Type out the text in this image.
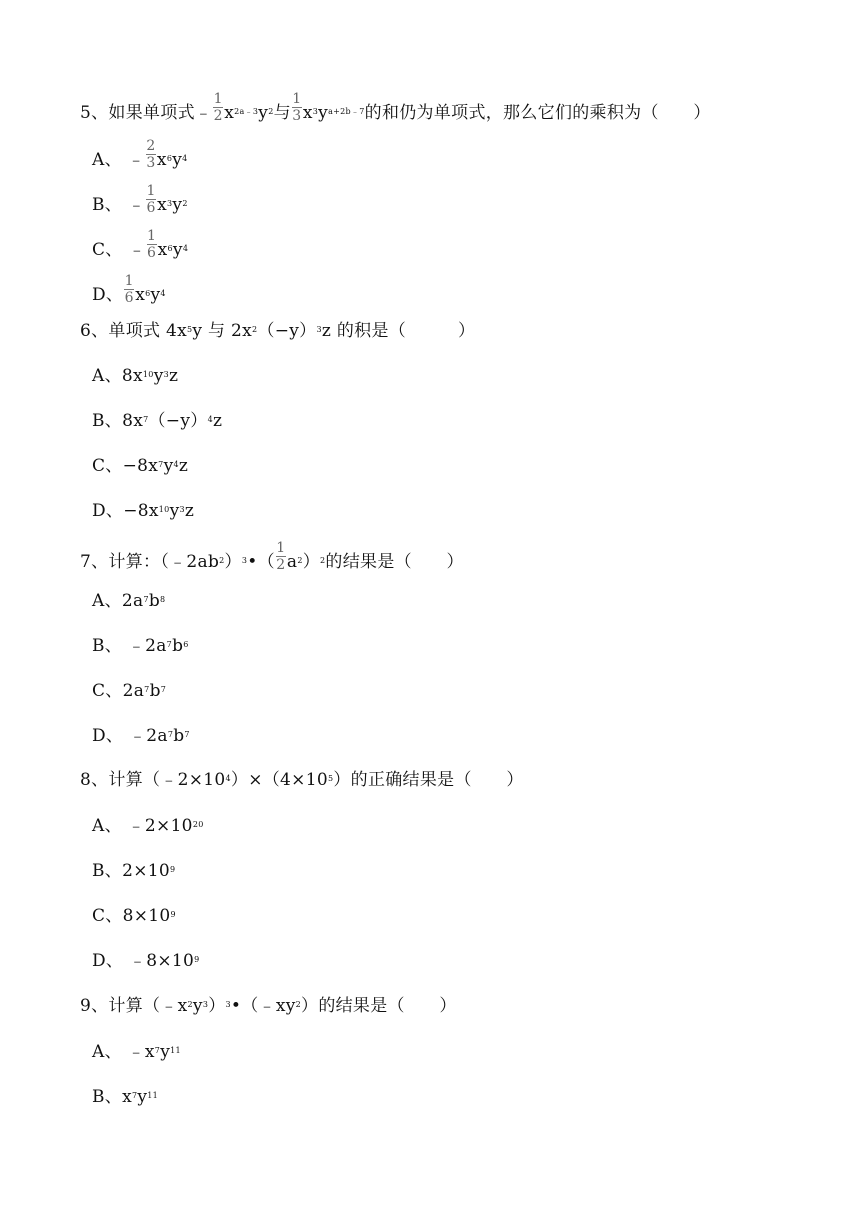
5、如果单项式﹣ $\frac{1}{2} x^{2a﹣3}y^2$与 $\frac{1}{3} x^3y^{a+2b﹣7}$的和仍为单项式，那么它们的乘积为（　　）
A、 ﹣ $\frac{2}{3} x^6y^4$
B、 ﹣ $\frac{1}{6} x^3y^2$
C、 ﹣ $\frac{1}{6} x^6y^4$
D、 $\frac{1}{6} x^6y^4$
6、单项式 $4x^5y$ 与 $2x^2(-y)^3z$ 的积是（　　　）
A、$8x^{10}y^3z$
B、$8x^7(-y)^4z$
C、$-8x^7y^4z$
D、$-8x^{10}y^3z$
7、计算：$(﹣2ab^2)^3•( \frac{1}{2} a^2)^2$的结果是（　　）
A、$2a^7b^8$
B、 $﹣2a^7b^6$
C、$2a^7b^7$
D、 $﹣2a^7b^7$
8、计算$(﹣2\times 10^4)\times(4\times 10^5)$的正确结果是（　　）
A、 $﹣2\times 10^{20}$
B、$2\times 10^9$
C、$8\times 10^9$
D、 $﹣8\times 10^9$
9、计算$(﹣x^2y^3)^3•(﹣xy^2)$的结果是（　　）
A、 $﹣x^7y^{11}$
B、$x^7y^{11}$
